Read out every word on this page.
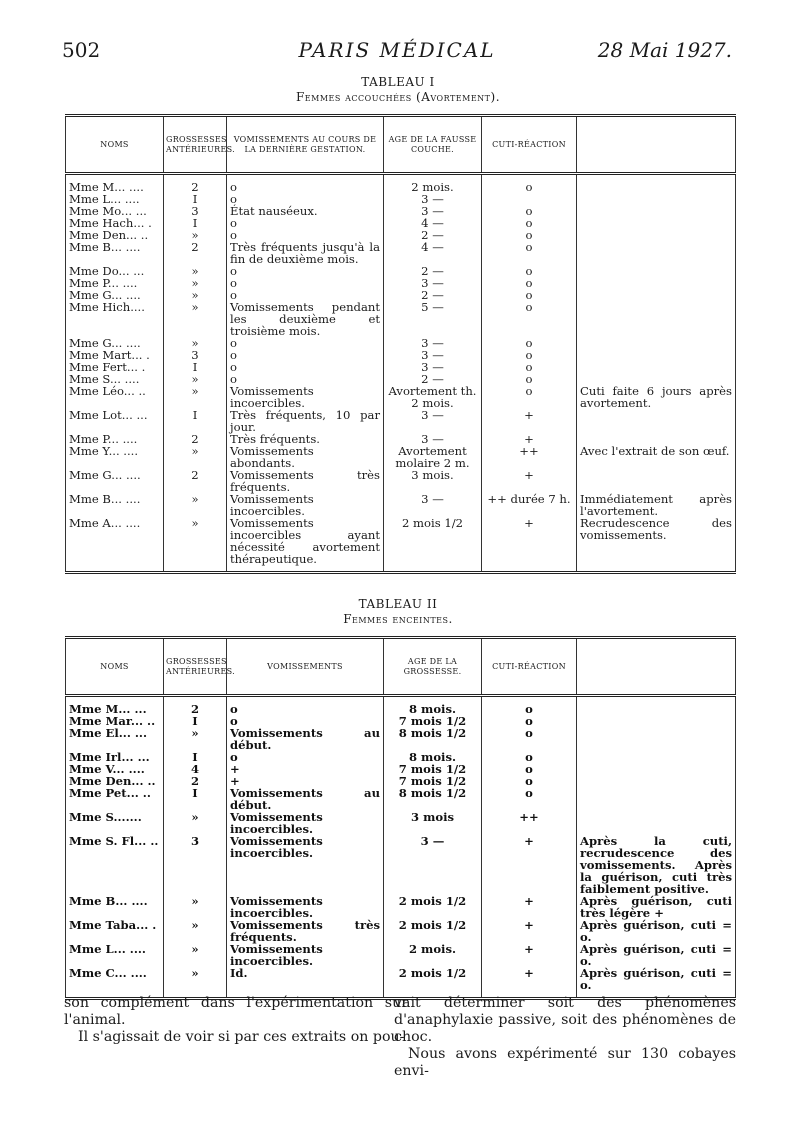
502	PARIS MÉDICAL	28 Mai 1927.
TABLEAU I
Femmes accouchées (Avortement).
NOMS	GROSSESSES ANTÉRIEURES.	VOMISSEMENTS AU COURS DE LA DERNIÈRE GESTATION.	AGE DE LA FAUSSE COUCHE.	CUTI-RÉACTION	

Mme M... ....	2	o	2 mois.	o	
Mme L... ....	I	o	3 —		
Mme Mo... ...	3	État nauséeux.	3 —	o	
Mme Hach... .	I	o	4 —	o	
Mme Den... ..	»	o	2 —	o	
Mme B... ....	2	Très fréquents jusqu'à la fin de deuxième mois.	4 —	o	
Mme Do... ...	»	o	2 —	o	
Mme P... ....	»	o	3 —	o	
Mme G... ....	»	o	2 —	o	
Mme Hich....	»	Vomissements pendant les deuxième et troisième mois.	5 —	o	
Mme G... ....	»	o	3 —	o	
Mme Mart... .	3	o	3 —	o	
Mme Fert... .	I	o	3 —	o	
Mme S... ....	»	o	2 —	o	
Mme Léo... ..	»	Vomissements incoercibles.	Avortement th. 2 mois.	o	Cuti faite 6 jours après avortement.
Mme Lot... ...	I	Très fréquents, 10 par jour.	3 —	+	
Mme P... ....	2	Très fréquents.	3 —	+	
Mme Y... ....	»	Vomissements abondants.	Avortement molaire 2 m.	++	Avec l'extrait de son œuf.
Mme G... ....	2	Vomissements très fréquents.	3 mois.	+	
Mme B... ....	»	Vomissements incoercibles.	3 —	++ durée 7 h.	Immédiatement après l'avortement.
Mme A... ....	»	Vomissements incoercibles ayant nécessité avortement thérapeutique.	2 mois 1/2	+	Recrudescence des vomissements.

TABLEAU II
Femmes enceintes.
NOMS	GROSSESSES ANTÉRIEURES.	VOMISSEMENTS	AGE DE LA GROSSESSE.	CUTI-RÉACTION	

Mme M... ...	2	o	8 mois.	o	
Mme Mar... ..	I	o	7 mois 1/2	o	
Mme El... ...	»	Vomissements au début.	8 mois 1/2	o	
Mme Irl... ...	I	o	8 mois.	o	
Mme V... ....	4	+	7 mois 1/2	o	
Mme Den... ..	2	+	7 mois 1/2	o	
Mme Pet... ..	I	Vomissements au début.	8 mois 1/2	o	
Mme S.......	»	Vomissements incoercibles.	3 mois	++	
Mme S. Fl... ..	3	Vomissements incoercibles.	3 —	+	Après la cuti, recrudescence des vomissements. Après la guérison, cuti très faiblement positive.
Mme B... ....	»	Vomissements incoercibles.	2 mois 1/2	+	Après guérison, cuti très légère +
Mme Taba... .	»	Vomissements très fréquents.	2 mois 1/2	+	Après guérison, cuti = o.
Mme L... ....	»	Vomissements incoercibles.	2 mois.	+	Après guérison, cuti = o.
Mme C... ....	»	Id.	2 mois 1/2	+	Après guérison, cuti = o.

son complément dans l'expérimentation sur l'animal.

Il s'agissait de voir si par ces extraits on pou-

vait déterminer soit des phénomènes d'anaphylaxie passive, soit des phénomènes de choc.

Nous avons expérimenté sur 130 cobayes envi-
